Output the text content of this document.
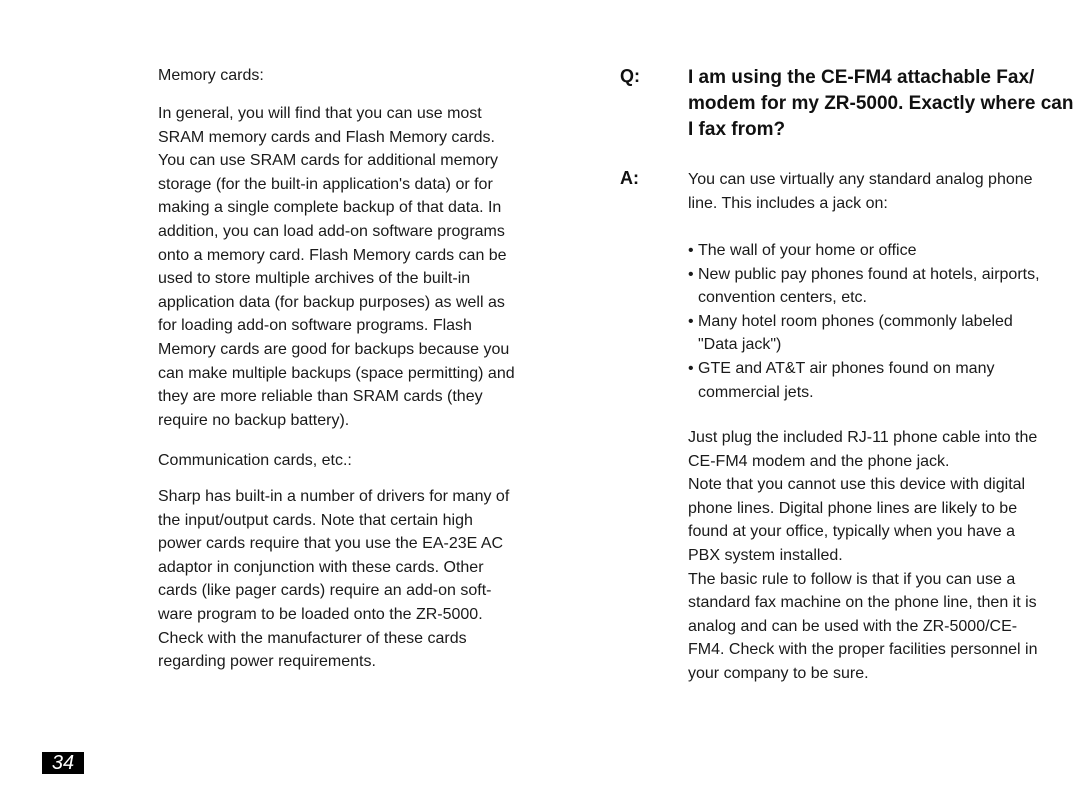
Memory cards:
In general, you will find that you can use most
SRAM memory cards and Flash Memory cards.
You can use SRAM cards for additional memory
storage (for the built-in application's data) or for
making a single complete backup of that data. In
addition, you can load add-on software programs
onto a memory card. Flash Memory cards can be
used to store multiple archives of the built-in
application data (for backup purposes) as well as
for loading add-on software programs. Flash
Memory cards are good for backups because you
can make multiple backups (space permitting) and
they are more reliable than SRAM cards (they
require no backup battery).
Communication cards, etc.:
Sharp has built-in a number of drivers for many of
the input/output cards. Note that certain high
power cards require that you use the EA-23E AC
adaptor in conjunction with these cards. Other
cards (like pager cards) require an add-on soft-
ware program to be loaded onto the ZR-5000.
Check with the manufacturer of these cards
regarding power requirements.
Q:	I am using the CE-FM4 attachable Fax/
modem for my ZR-5000. Exactly where can
I fax from?
A:	You can use virtually any standard analog phone
line. This includes a jack on:
• The wall of your home or office
• New public pay phones found at hotels, airports,
convention centers, etc.
• Many hotel room phones (commonly labeled
"Data jack")
• GTE and AT&T air phones found on many
commercial jets.
Just plug the included RJ-11 phone cable into the
CE-FM4 modem and the phone jack.
Note that you cannot use this device with digital
phone lines. Digital phone lines are likely to be
found at your office, typically when you have a
PBX system installed.
The basic rule to follow is that if you can use a
standard fax machine on the phone line, then it is
analog and can be used with the ZR-5000/CE-
FM4. Check with the proper facilities personnel in
your company to be sure.
34
